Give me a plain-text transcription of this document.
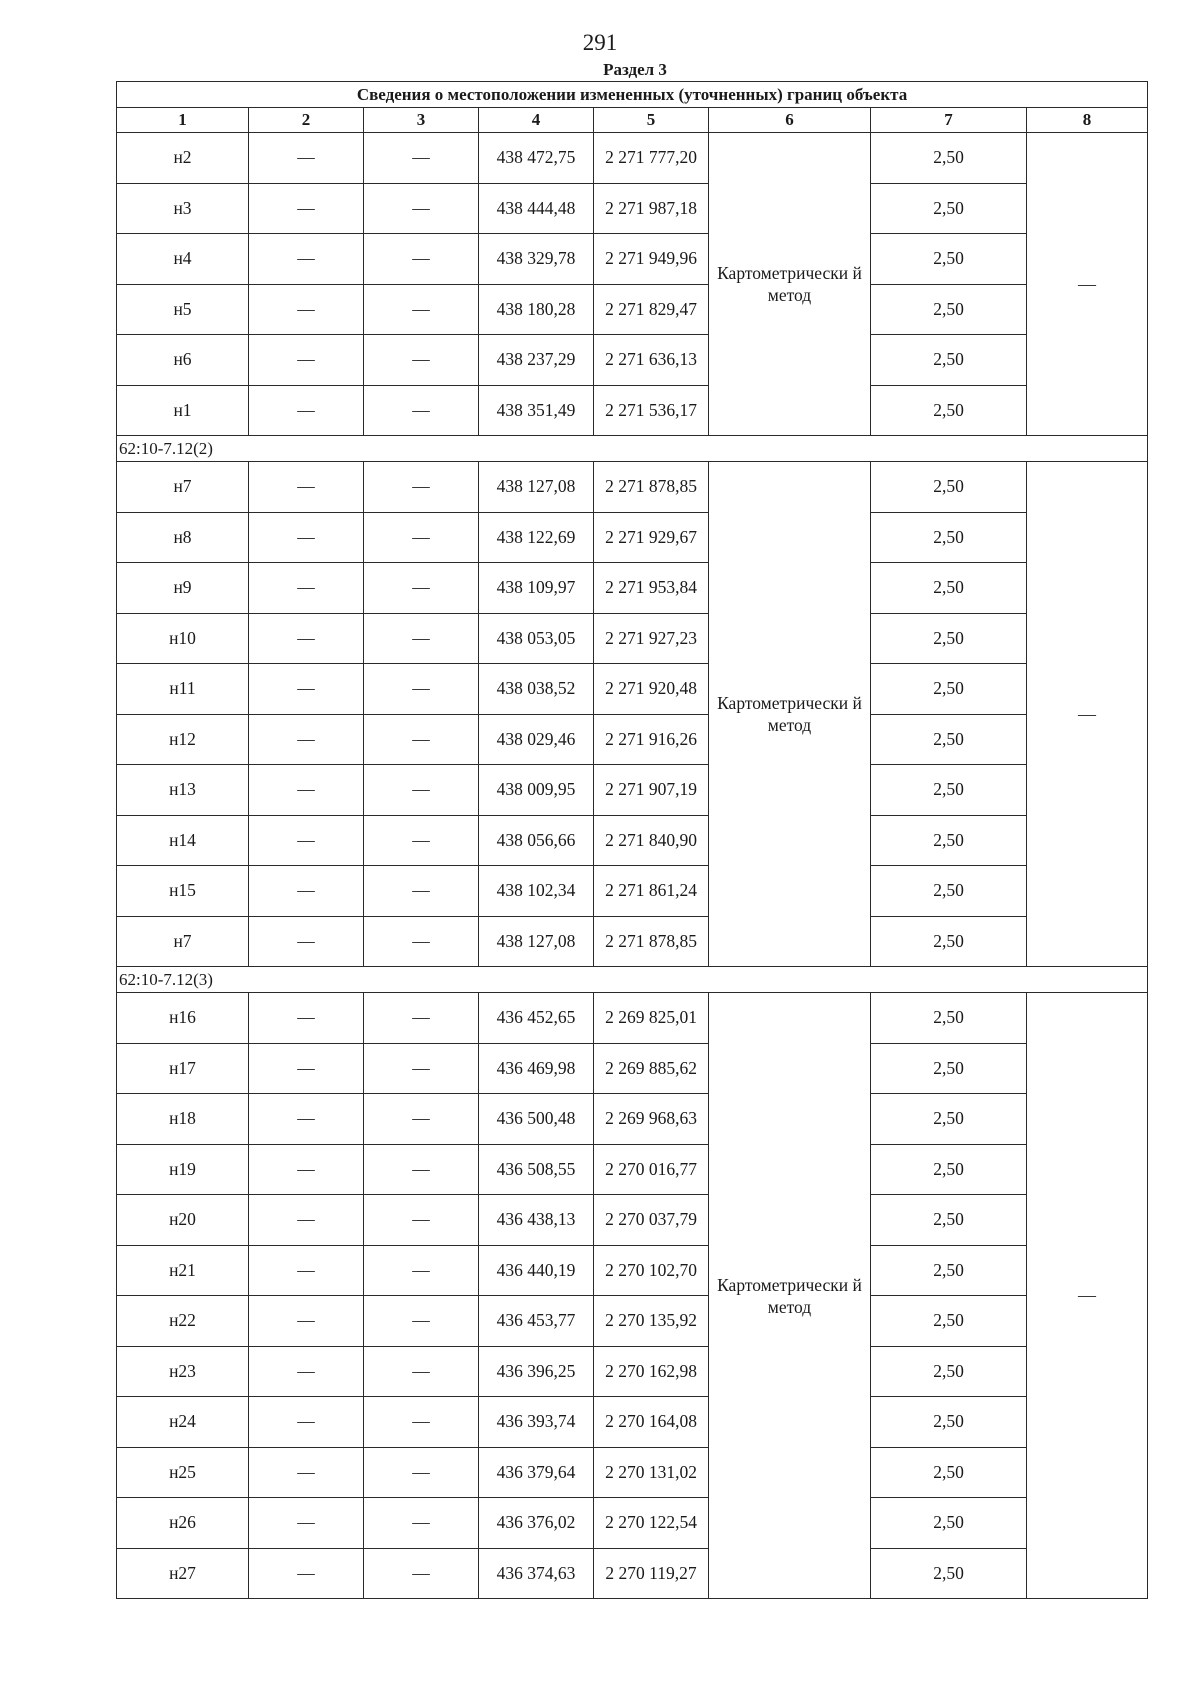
291
Раздел 3
Сведения о местоположении измененных (уточненных) границ объекта							
1	2	3	4	5	6	7	8
н2	—	—	438 472,75	2 271 777,20	Картометрически й метод	2,50	—
н3	—	—	438 444,48	2 271 987,18		2,50	
н4	—	—	438 329,78	2 271 949,96		2,50	
н5	—	—	438 180,28	2 271 829,47		2,50	
н6	—	—	438 237,29	2 271 636,13		2,50	
н1	—	—	438 351,49	2 271 536,17		2,50	
62:10-7.12(2)							
н7	—	—	438 127,08	2 271 878,85	Картометрически й метод	2,50	—
н8	—	—	438 122,69	2 271 929,67		2,50	
н9	—	—	438 109,97	2 271 953,84		2,50	
н10	—	—	438 053,05	2 271 927,23		2,50	
н11	—	—	438 038,52	2 271 920,48		2,50	
н12	—	—	438 029,46	2 271 916,26		2,50	
н13	—	—	438 009,95	2 271 907,19		2,50	
н14	—	—	438 056,66	2 271 840,90		2,50	
н15	—	—	438 102,34	2 271 861,24		2,50	
н7	—	—	438 127,08	2 271 878,85		2,50	
62:10-7.12(3)							
н16	—	—	436 452,65	2 269 825,01	Картометрически й метод	2,50	—
н17	—	—	436 469,98	2 269 885,62		2,50	
н18	—	—	436 500,48	2 269 968,63		2,50	
н19	—	—	436 508,55	2 270 016,77		2,50	
н20	—	—	436 438,13	2 270 037,79		2,50	
н21	—	—	436 440,19	2 270 102,70		2,50	
н22	—	—	436 453,77	2 270 135,92		2,50	
н23	—	—	436 396,25	2 270 162,98		2,50	
н24	—	—	436 393,74	2 270 164,08		2,50	
н25	—	—	436 379,64	2 270 131,02		2,50	
н26	—	—	436 376,02	2 270 122,54		2,50	
н27	—	—	436 374,63	2 270 119,27		2,50	
